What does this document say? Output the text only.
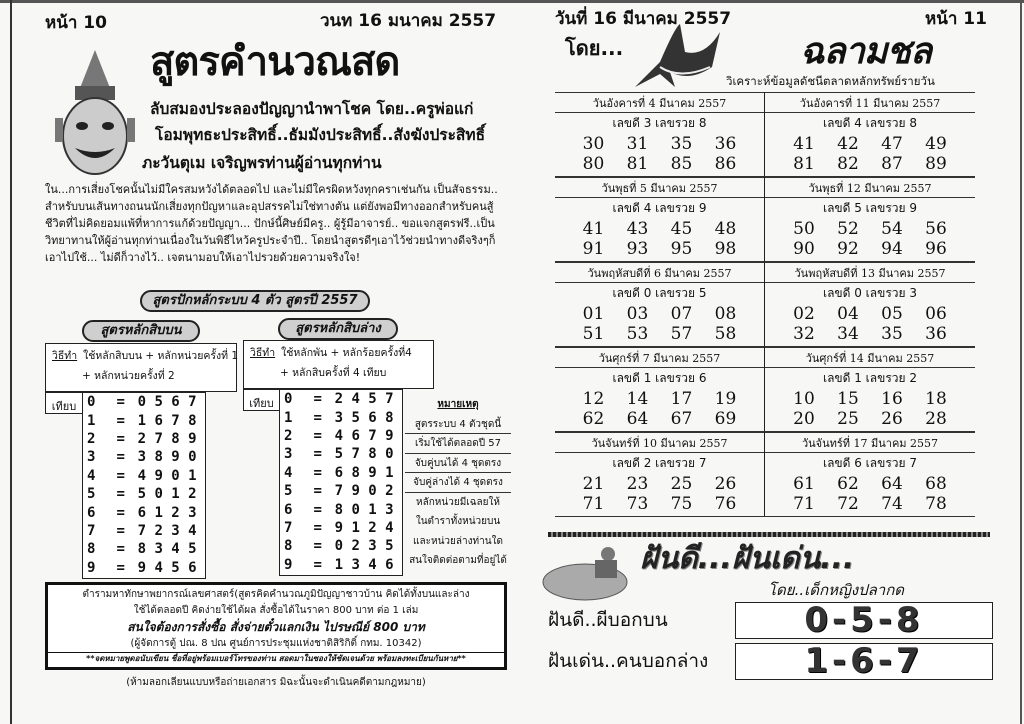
หน้า 10	วนท 16 มนาคม 2557
สูตรคำนวณสด
ลับสมองประลองปัญญานำพาโชค โดย..ครูพ่อแก่
โอมพุทธะประสิทธิ์..ธัมมังประสิทธิ์..สังฆังประสิทธิ์
ภะวันตุเม เจริญพรท่านผู้อ่านทุกท่าน
ใน...การเสี่ยงโชคนั้นไม่มีใครสมหวังได้ตลอดไป และไม่มีใครผิดหวังทุกคราเช่นกัน เป็นสัจธรรม.. สำหรับบนเส้นทางถนนนักเสี่ยงทุกปัญหาและอุปสรรคไม่ใช่ทางตัน แต่ยังพอมีทางออกสำหรับคนสู้ชีวิตที่ไม่คิดยอมแพ้ที่หาการแก้ด้วยปัญญา... ปักษ์นี้ศิษย์มีครู.. ผู้รู้มีอาจารย์.. ขอแจกสูตรฟรี..เป็นวิทยาทานให้ผู้อ่านทุกท่านเนื่องในวันพิธีไหว้ครูประจำปี.. โดยนำสูตรดีๆเอาไว้ช่วยนำทางดีจริงๆก็เอาไปใช้... ไม่ดีก็วางไว้.. เจตนามอบให้เอาไปรวยด้วยความจริงใจ!
สูตรปักหลักระบบ 4 ตัว สูตรปี 2557
สูตรหลักสิบบน	สูตรหลักสิบล่าง
วิธีทำ ใช้หลักสิบบน + หลักหน่วยครั้งที่ 1
+ หลักหน่วยครั้งที่ 2
วิธีทำ ใช้หลักพัน + หลักร้อยครั้งที่4
+ หลักสิบครั้งที่ 4 เทียบ
เทียบ 0	= 0 5 6 7
1	= 1 6 7 8
2	= 2 7 8 9
3	= 3 8 9 0
4	= 4 9 0 1
5	= 5 0 1 2
6	= 6 1 2 3
7	= 7 2 3 4
8	= 8 3 4 5
9	= 9 4 5 6
เทียบ 0	= 2 4 5 7
1	= 3 5 6 8
2	= 4 6 7 9
3	= 5 7 8 0
4	= 6 8 9 1
5	= 7 9 0 2
6	= 8 0 1 3
7	= 9 1 2 4
8	= 0 2 3 5
9	= 1 3 4 6
หมายเหตุ
สูตรระบบ 4 ตัวชุดนี้
เริ่มใช้ได้ตลอดปี 57
จับคู่บนได้ 4 ชุดตรง
จับคู่ล่างได้ 4 ชุดตรง
หลักหน่วยมีเฉลยให้
ในตำราทั้งหน่วยบน
และหน่วยล่างท่านใด
สนใจติดต่อตามที่อยู่ได้
ตำรามหาทักษาพยากรณ์เลขศาสตร์(สูตรคิดคำนวณภูมิปัญญาชาวบ้าน คิดได้ทั้งบนและล่าง
ใช้ได้ตลอดปี คิดง่ายใช้ได้ผล สั่งซื้อได้ในราคา 800 บาท ต่อ 1 เล่ม
สนใจต้องการสั่งซื้อ สั่งจ่ายตั๋วแลกเงิน ไปรษณีย์ 800 บาท
(ผู้จัดการตู้ ปณ. 8 ปณ ศูนย์การประชุมแห่งชาติสิริกิติ์ กทม. 10342)
**จดหมายพูดอนับเขียน ชื่อที่อยู่พร้อมเบอร์โทรของท่าน สอดมาในซองให้ชัดเจนด้วย พร้อมลงทะเบียนกันหาย**
(ห้ามลอกเลียนแบบหรือถ่ายเอกสาร มิฉะนั้นจะดำเนินคดีตามกฎหมาย)
วันที่ 16 มีนาคม 2557	หน้า 11
โดย...	ฉลามชล
วิเคราะห์ข้อมูลดัชนีตลาดหลักทรัพย์รายวัน
วันอังคารที่ 4 มีนาคม 2557
เลขดี 3 เลขรวย 8
30 31 35 36
80 81 85 86
วันอังคารที่ 11 มีนาคม 2557
เลขดี 4 เลขรวย 8
41 42 47 49
81 82 87 89
วันพุธที่ 5 มีนาคม 2557
เลขดี 4 เลขรวย 9
41 43 45 48
91 93 95 98
วันพุธที่ 12 มีนาคม 2557
เลขดี 5 เลขรวย 9
50 52 54 56
90 92 94 96
วันพฤหัสบดีที่ 6 มีนาคม 2557
เลขดี 0 เลขรวย 5
01 03 07 08
51 53 57 58
วันพฤหัสบดีที่ 13 มีนาคม 2557
เลขดี 0 เลขรวย 3
02 04 05 06
32 34 35 36
วันศุกร์ที่ 7 มีนาคม 2557
เลขดี 1 เลขรวย 6
12 14 17 19
62 64 67 69
วันศุกร์ที่ 14 มีนาคม 2557
เลขดี 1 เลขรวย 2
10 15 16 18
20 25 26 28
วันจันทร์ที่ 10 มีนาคม 2557
เลขดี 2 เลขรวย 7
21 23 25 26
71 73 75 76
วันจันทร์ที่ 17 มีนาคม 2557
เลขดี 6 เลขรวย 7
61 62 64 68
71 72 74 78
ฝันดี...ฝันเด่น...
โดย..เด็กหญิงปลากด
ฝันดี..ผีบอกบน	0-5-8
ฝันเด่น..คนบอกล่าง	1-6-7
